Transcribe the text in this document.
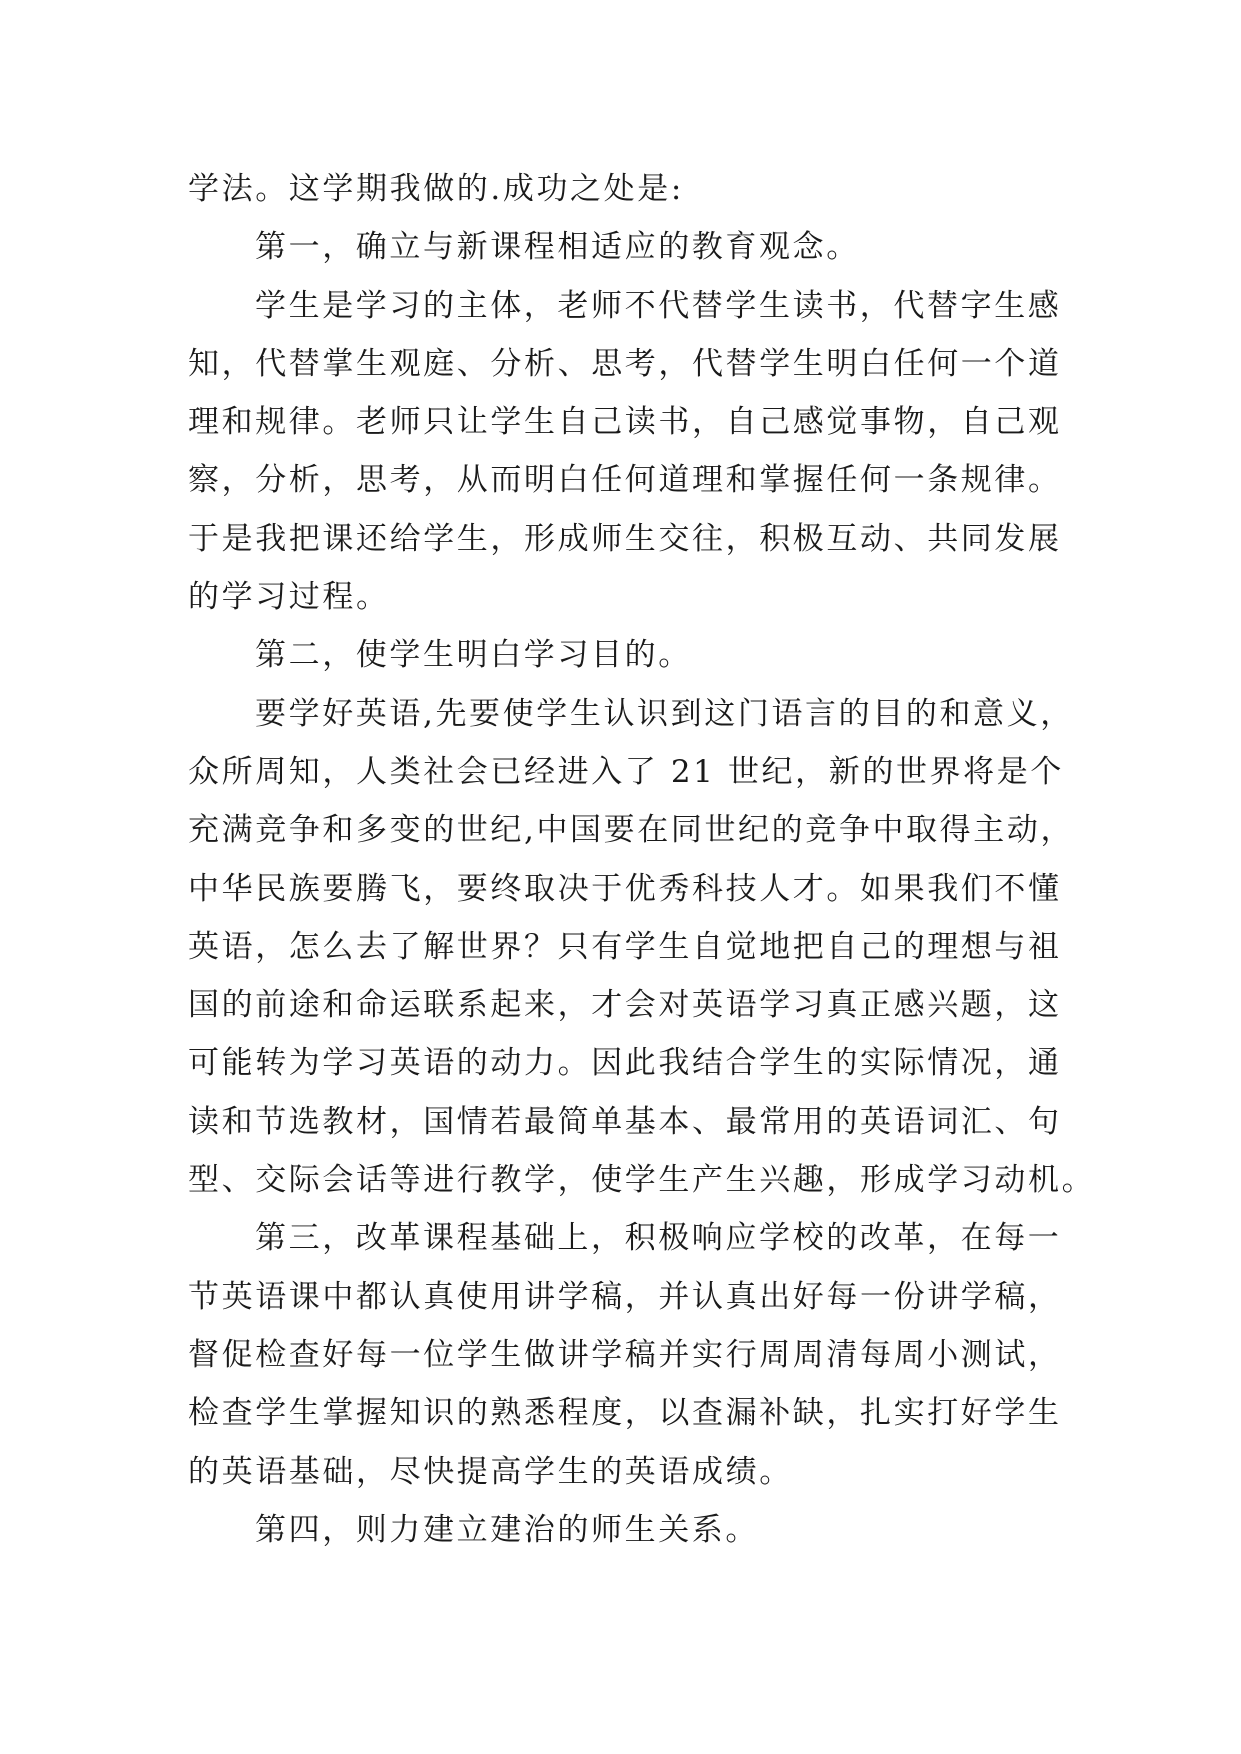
学法。这学期我做的.成功之处是:
第一，确立与新课程相适应的教育观念。
学生是学习的主体，老师不代替学生读书，代替字生感
知，代替掌生观庭、分析、思考，代替学生明白任何一个道
理和规律。老师只让学生自己读书，自己感觉事物，自己观
察，分析，思考，从而明白任何道理和掌握任何一条规律。
于是我把课还给学生，形成师生交往，积极互动、共同发展
的学习过程。
第二，使学生明白学习目的。
要学好英语,先要使学生认识到这门语言的目的和意义，
众所周知，人类社会已经进入了 21 世纪，新的世界将是个
充满竞争和多变的世纪,中国要在同世纪的竞争中取得主动，
中华民族要腾飞，要终取决于优秀科技人才。如果我们不懂
英语，怎么去了解世界？只有学生自觉地把自己的理想与祖
国的前途和命运联系起来，才会对英语学习真正感兴题，这
可能转为学习英语的动力。因此我结合学生的实际情况，通
读和节选教材，国情若最简单基本、最常用的英语词汇、句
型、交际会话等进行教学，使学生产生兴趣，形成学习动机。
第三，改革课程基础上，积极响应学校的改革，在每一
节英语课中都认真使用讲学稿，并认真出好每一份讲学稿，
督促检查好每一位学生做讲学稿并实行周周清每周小测试，
检查学生掌握知识的熟悉程度，以查漏补缺，扎实打好学生
的英语基础，尽快提高学生的英语成绩。
第四，则力建立建治的师生关系。
